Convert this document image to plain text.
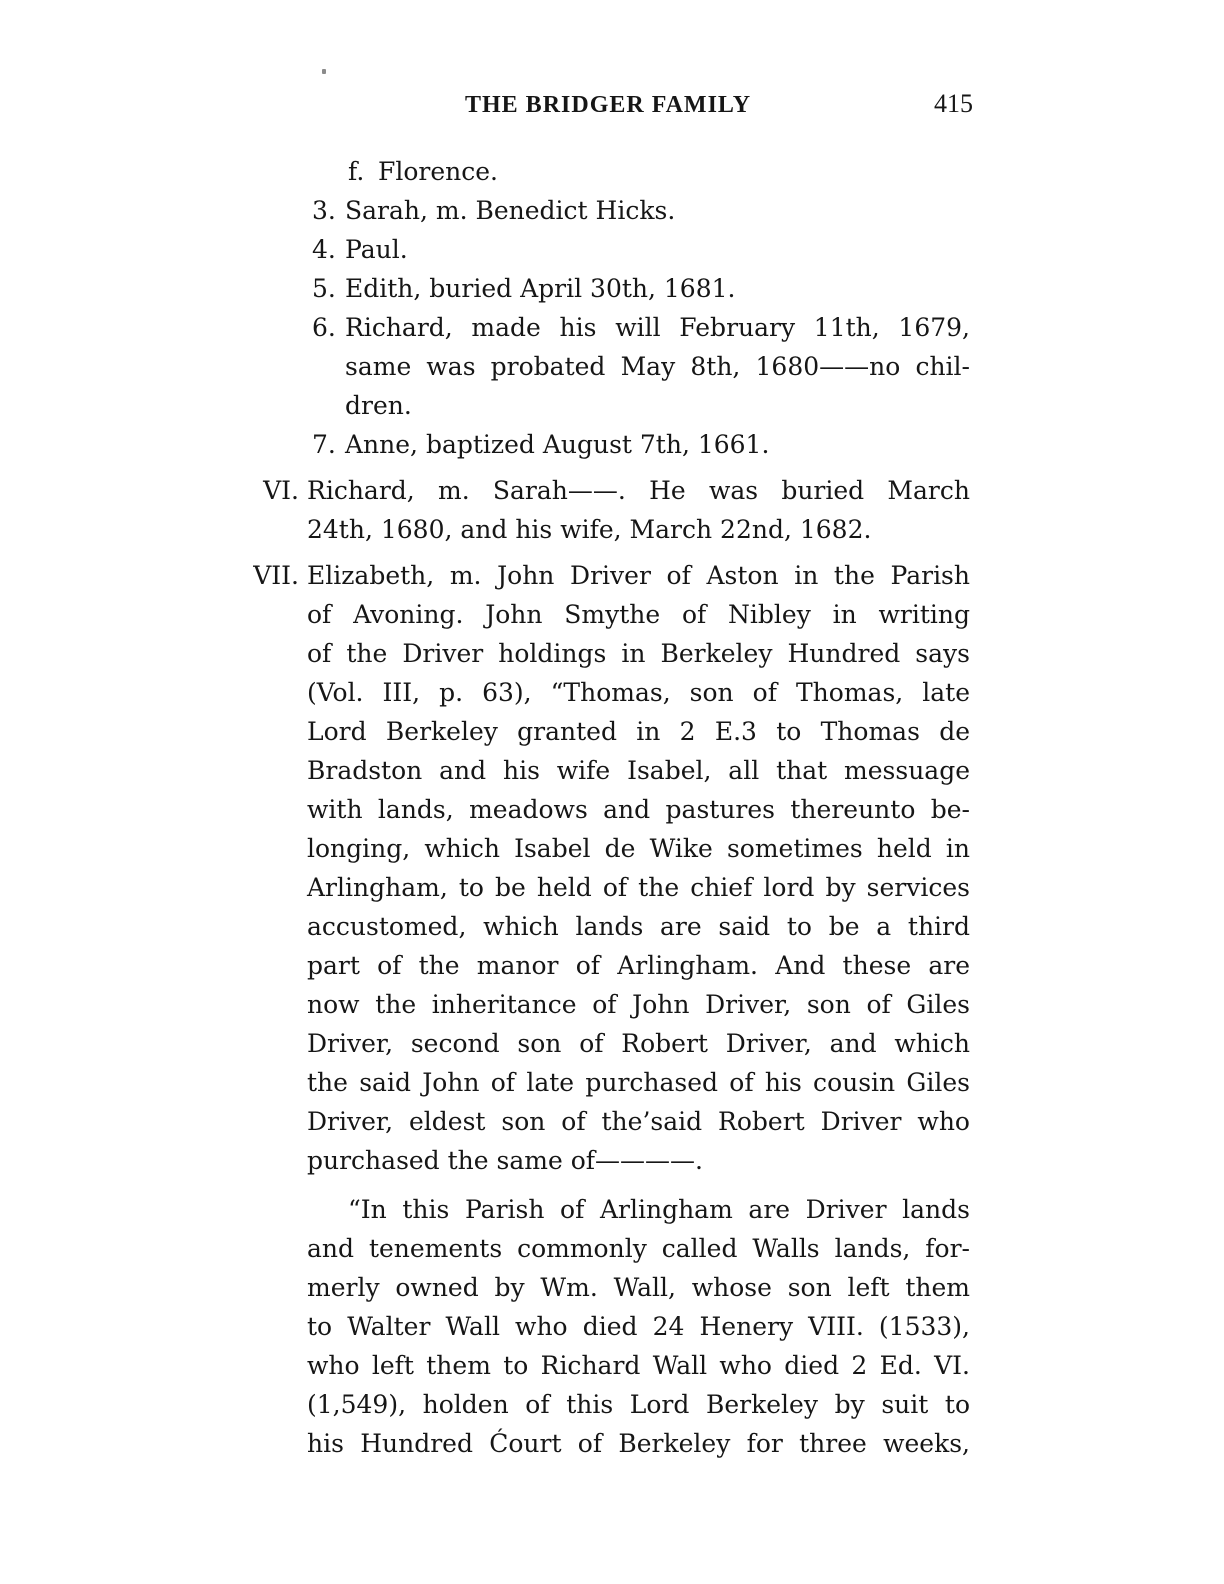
THE BRIDGER FAMILY	415
f. Florence.
3. Sarah, m. Benedict Hicks.
4. Paul.
5. Edith, buried April 30th, 1681.
6. Richard, made his will February 11th, 1679,
same was probated May 8th, 1680——no chil-
dren.
7. Anne, baptized August 7th, 1661.
VI. Richard, m. Sarah——. He was buried March
24th, 1680, and his wife, March 22nd, 1682.
VII. Elizabeth, m. John Driver of Aston in the Parish
of Avoning. John Smythe of Nibley in writing
of the Driver holdings in Berkeley Hundred says
(Vol. III, p. 63), “Thomas, son of Thomas, late
Lord Berkeley granted in 2 E.3 to Thomas de
Bradston and his wife Isabel, all that messuage
with lands, meadows and pastures thereunto be-
longing, which Isabel de Wike sometimes held in
Arlingham, to be held of the chief lord by services
accustomed, which lands are said to be a third
part of the manor of Arlingham. And these are
now the inheritance of John Driver, son of Giles
Driver, second son of Robert Driver, and which
the said John of late purchased of his cousin Giles
Driver, eldest son of the’said Robert Driver who
purchased the same of————.
“In this Parish of Arlingham are Driver lands
and tenements commonly called Walls lands, for-
merly owned by Wm. Wall, whose son left them
to Walter Wall who died 24 Henery VIII. (1533),
who left them to Richard Wall who died 2 Ed. VI.
(1,549), holden of this Lord Berkeley by suit to
his Hundred Ćourt of Berkeley for three weeks,
